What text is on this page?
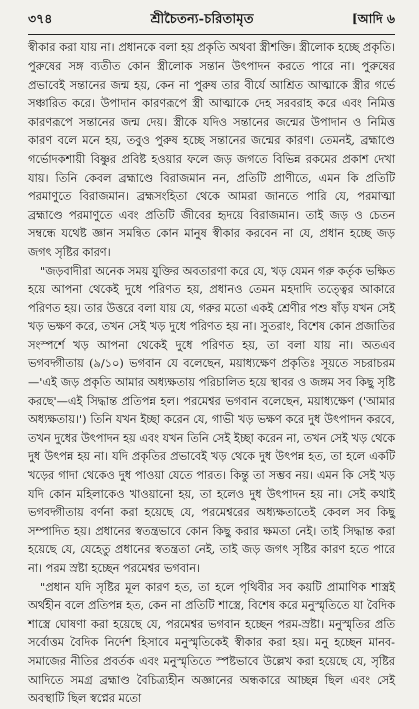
৩৭৪	শ্রীচৈতন্য-চরিতামৃত	[আদি ৬

স্বীকার করা যায় না। প্রধানকে বলা হয় প্রকৃতি অথবা স্ত্রীশক্তি। স্ত্রীলোক হচ্ছে প্রকৃতি। পুরুষের সঙ্গ ব্যতীত কোন স্ত্রীলোক সন্তান উৎপাদন করতে পারে না। পুরুষের প্রভাবেই সন্তানের জন্ম হয়, কেন না পুরুষ তার বীর্যে আশ্রিত আত্মাকে স্ত্রীর গর্ভে সঞ্চারিত করে। উপাদান কারণরূপে স্ত্রী আত্মাকে দেহ সরবরাহ করে এবং নিমিত্ত কারণরূপে সন্তানের জন্ম দেয়। স্ত্রীকে যদিও সন্তানের জন্মের উপাদান ও নিমিত্ত কারণ বলে মনে হয়, তবুও পুরুষ হচ্ছে সন্তানের জন্মের কারণ। তেমনই, ব্রহ্মাণ্ডে গর্ভোদকশায়ী বিষ্ণুর প্রবিষ্ট হওয়ার ফলে জড় জগতে বিভিন্ন রকমের প্রকাশ দেখা যায়। তিনি কেবল ব্রহ্মাণ্ডে বিরাজমান নন, প্রতিটি প্রাণীতে, এমন কি প্রতিটি পরমাণুতে বিরাজমান। ব্রহ্মসংহিতা থেকে আমরা জানতে পারি যে, পরমাত্মা ব্রহ্মাণ্ডে পরমাণুতে এবং প্রতিটি জীবের হৃদয়ে বিরাজমান। তাই জড় ও চেতন সম্বন্ধে যথেষ্ট জ্ঞান সমন্বিত কোন মানুষ স্বীকার করবেন না যে, প্রধান হচ্ছে জড় জগৎ সৃষ্টির কারণ।

"জড়বাদীরা অনেক সময় যুক্তির অবতারণা করে যে, খড় যেমন গরু কর্তৃক ভক্ষিত হয়ে আপনা থেকেই দুধে পরিণত হয়, প্রধানও তেমন মহদাদি তত্ত্বের আকারে পরিণত হয়। তার উত্তরে বলা যায় যে, গরুর মতো একই শ্রেণীর পশু ষাঁড় যখন সেই খড় ভক্ষণ করে, তখন সেই খড় দুধে পরিণত হয় না। সুতরাং, বিশেষ কোন প্রজাতির সংস্পর্শে খড় আপনা থেকেই দুধে পরিণত হয়, তা বলা যায় না। অতএব ভগবদ্গীতায় (৯/১০) ভগবান যে বলেছেন, ময়াধ্যক্ষেণ প্রকৃতিঃ সূয়তে সচরাচরম—'এই জড় প্রকৃতি আমার অধ্যক্ষতায় পরিচালিত হয়ে স্থাবর ও জঙ্গম সব কিছু সৃষ্টি করছে'—এই সিদ্ধান্ত প্রতিপন্ন হল। পরমেশ্বর ভগবান বলেছেন, ময়াধ্যক্ষেণ ('আমার অধ্যক্ষতায়।') তিনি যখন ইচ্ছা করেন যে, গাভী খড় ভক্ষণ করে দুধ উৎপাদন করবে, তখন দুধের উৎপাদন হয় এবং যখন তিনি সেই ইচ্ছা করেন না, তখন সেই খড় থেকে দুধ উৎপন্ন হয় না। যদি প্রকৃতির প্রভাবেই খড় থেকে দুধ উৎপন্ন হত, তা হলে একটি খড়ের গাদা থেকেও দুধ পাওয়া যেতে পারত। কিন্তু তা সম্ভব নয়। এমন কি সেই খড় যদি কোন মহিলাকেও খাওয়ানো হয়, তা হলেও দুধ উৎপাদন হয় না। সেই কথাই ভগবদ্গীতায় বর্ণনা করা হয়েছে যে, পরমেশ্বরের অধ্যক্ষতাতেই কেবল সব কিছু সম্পাদিত হয়। প্রধানের স্বতন্ত্রভাবে কোন কিছু করার ক্ষমতা নেই। তাই সিদ্ধান্ত করা হয়েছে যে, যেহেতু প্রধানের স্বতন্ত্রতা নেই, তাই জড় জগৎ সৃষ্টির কারণ হতে পারে না। পরম স্রষ্টা হচ্ছেন পরমেশ্বর ভগবান।

"প্রধান যদি সৃষ্টির মূল কারণ হত, তা হলে পৃথিবীর সব কয়টি প্রামাণিক শাস্ত্রই অর্থহীন বলে প্রতিপন্ন হত, কেন না প্রতিটি শাস্ত্রে, বিশেষ করে মনুস্মৃতিতে যা বৈদিক শাস্ত্রে ঘোষণা করা হয়েছে যে, পরমেশ্বর ভগবান হচ্ছেন পরম-স্রষ্টা। মনুস্মৃতির প্রতি সর্বোত্তম বৈদিক নির্দেশ হিসাবে মনুস্মৃতিকেই স্বীকার করা হয়। মনু হচ্ছেন মানব-সমাজের নীতির প্রবর্তক এবং মনুস্মৃতিতে স্পষ্টভাবে উল্লেখ করা হয়েছে যে, সৃষ্টির আদিতে সমগ্র ব্রহ্মাণ্ড বৈচিত্র্যহীন অজ্ঞানের অন্ধকারে আচ্ছন্ন ছিল এবং সেই অবস্থাটি ছিল স্বপ্নের মতো
